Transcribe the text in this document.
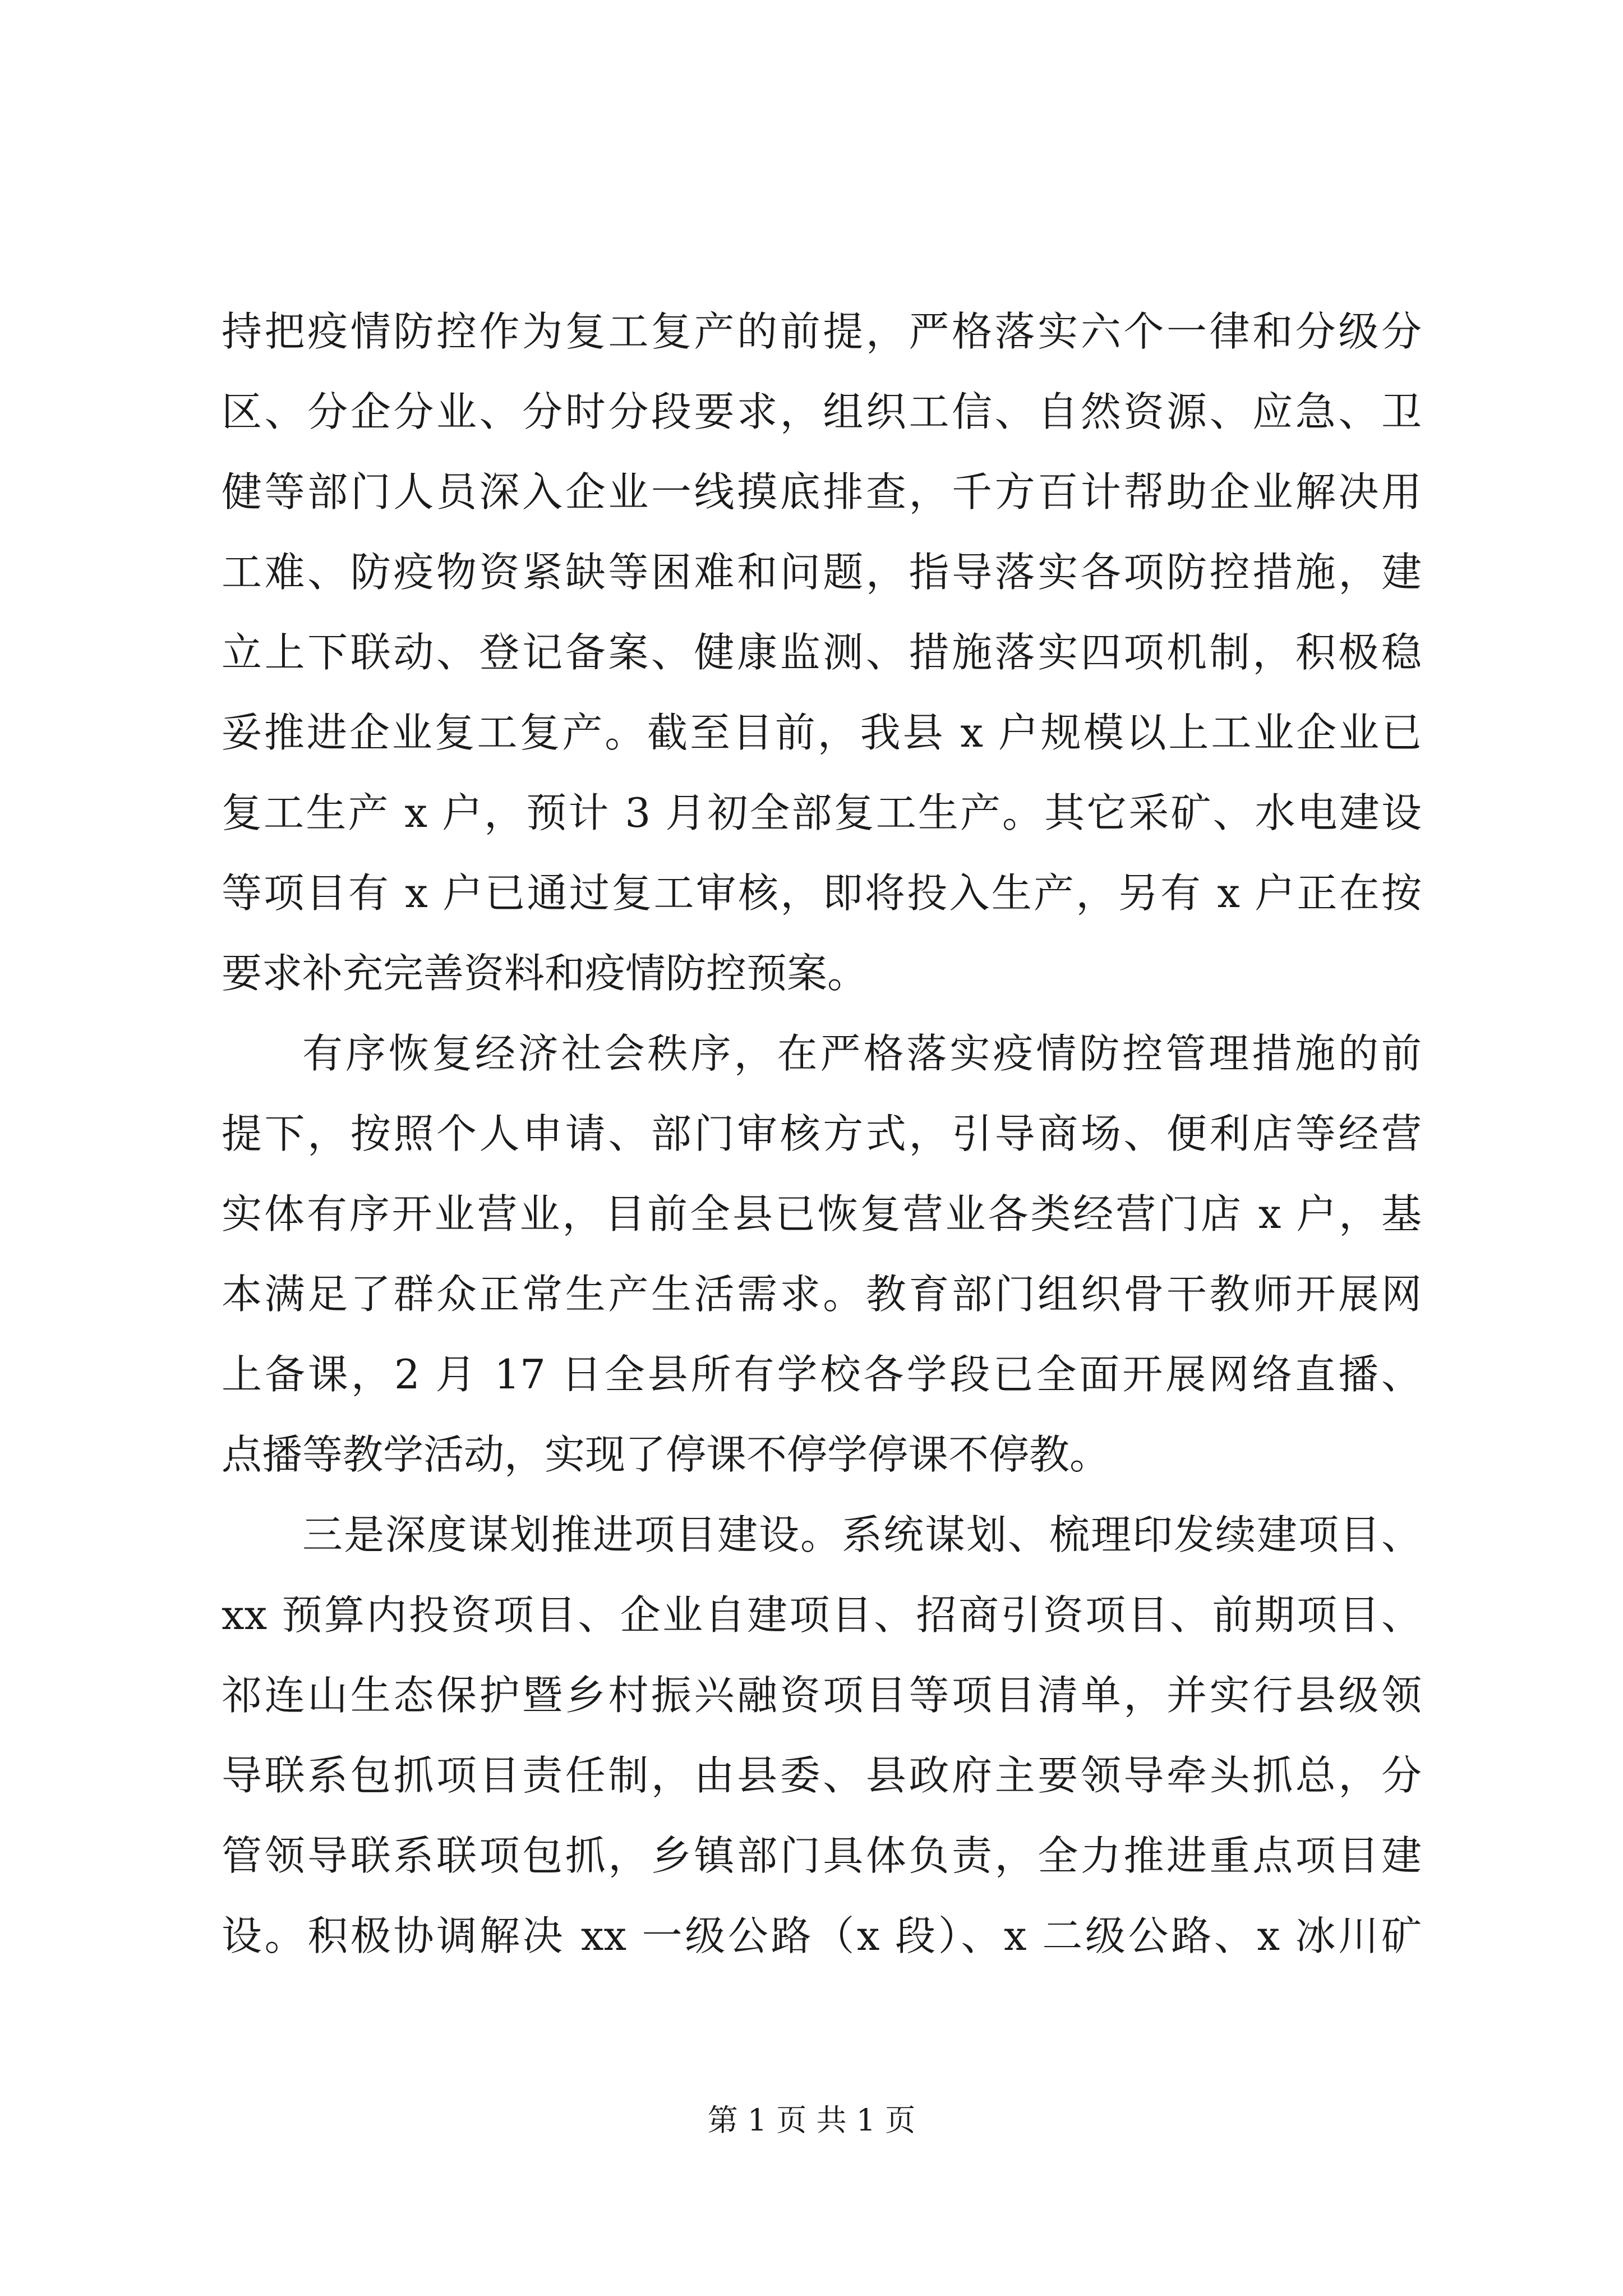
持把疫情防控作为复工复产的前提，严格落实六个一律和分级分
区、分企分业、分时分段要求，组织工信、自然资源、应急、卫
健等部门人员深入企业一线摸底排查，千方百计帮助企业解决用
工难、防疫物资紧缺等困难和问题，指导落实各项防控措施，建
立上下联动、登记备案、健康监测、措施落实四项机制，积极稳
妥推进企业复工复产。截至目前，我县 x 户规模以上工业企业已
复工生产 x 户，预计 3 月初全部复工生产。其它采矿、水电建设
等项目有 x 户已通过复工审核，即将投入生产，另有 x 户正在按
要求补充完善资料和疫情防控预案。
有序恢复经济社会秩序，在严格落实疫情防控管理措施的前
提下，按照个人申请、部门审核方式，引导商场、便利店等经营
实体有序开业营业，目前全县已恢复营业各类经营门店 x 户，基
本满足了群众正常生产生活需求。教育部门组织骨干教师开展网
上备课，2 月 17 日全县所有学校各学段已全面开展网络直播、
点播等教学活动，实现了停课不停学停课不停教。
三是深度谋划推进项目建设。系统谋划、梳理印发续建项目、
xx 预算内投资项目、企业自建项目、招商引资项目、前期项目、
祁连山生态保护暨乡村振兴融资项目等项目清单，并实行县级领
导联系包抓项目责任制，由县委、县政府主要领导牵头抓总，分
管领导联系联项包抓，乡镇部门具体负责，全力推进重点项目建
设。积极协调解决 xx 一级公路（x 段）、x 二级公路、x 冰川矿
第 1 页 共 1 页
